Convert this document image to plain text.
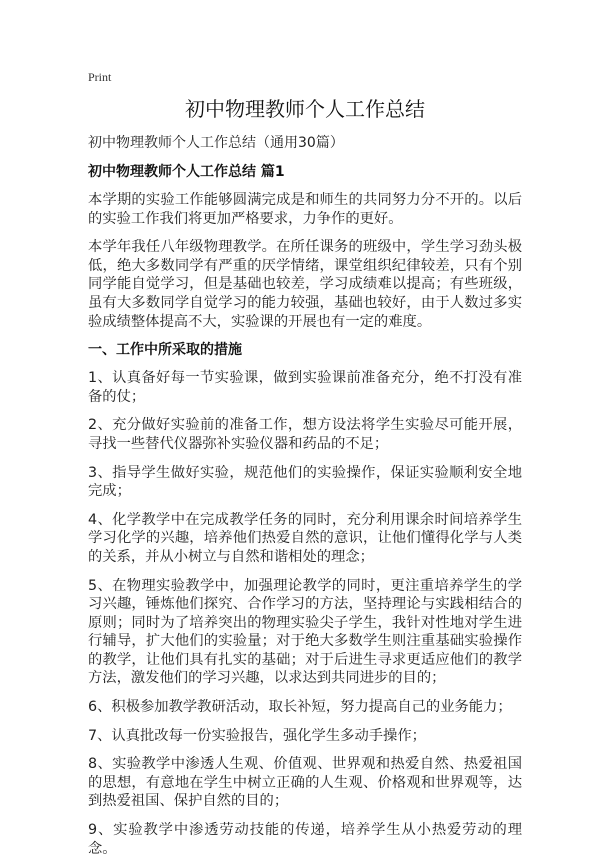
Print
初中物理教师个人工作总结
初中物理教师个人工作总结（通用30篇）
初中物理教师个人工作总结 篇1

本学期的实验工作能够圆满完成是和师生的共同努力分不开的。以后的实验工作我们将更加严格要求，力争作的更好。

本学年我任八年级物理教学。在所任课务的班级中，学生学习劲头极低，绝大多数同学有严重的厌学情绪，课堂组织纪律较差，只有个别同学能自觉学习，但是基础也较差，学习成绩难以提高；有些班级，虽有大多数同学自觉学习的能力较强，基础也较好，由于人数过多实验成绩整体提高不大，实验课的开展也有一定的难度。

一、工作中所采取的措施

1、认真备好每一节实验课，做到实验课前准备充分，绝不打没有准备的仗；

2、充分做好实验前的准备工作，想方设法将学生实验尽可能开展，寻找一些替代仪器弥补实验仪器和药品的不足；

3、指导学生做好实验，规范他们的实验操作，保证实验顺利安全地完成；

4、化学教学中在完成教学任务的同时，充分利用课余时间培养学生学习化学的兴趣，培养他们热爱自然的意识，让他们懂得化学与人类的关系，并从小树立与自然和谐相处的理念；

5、在物理实验教学中，加强理论教学的同时，更注重培养学生的学习兴趣，锤炼他们探究、合作学习的方法，坚持理论与实践相结合的原则；同时为了培养突出的物理实验尖子学生，我针对性地对学生进行辅导，扩大他们的实验量；对于绝大多数学生则注重基础实验操作的教学，让他们具有扎实的基础；对于后进生寻求更适应他们的教学方法，激发他们的学习兴趣，以求达到共同进步的目的；

6、积极参加教学教研活动，取长补短，努力提高自己的业务能力；

7、认真批改每一份实验报告，强化学生多动手操作；

8、实验教学中渗透人生观、价值观、世界观和热爱自然、热爱祖国的思想，有意地在学生中树立正确的人生观、价格观和世界观等，达到热爱祖国、保护自然的目的；

9、实验教学中渗透劳动技能的传递，培养学生从小热爱劳动的理念。
